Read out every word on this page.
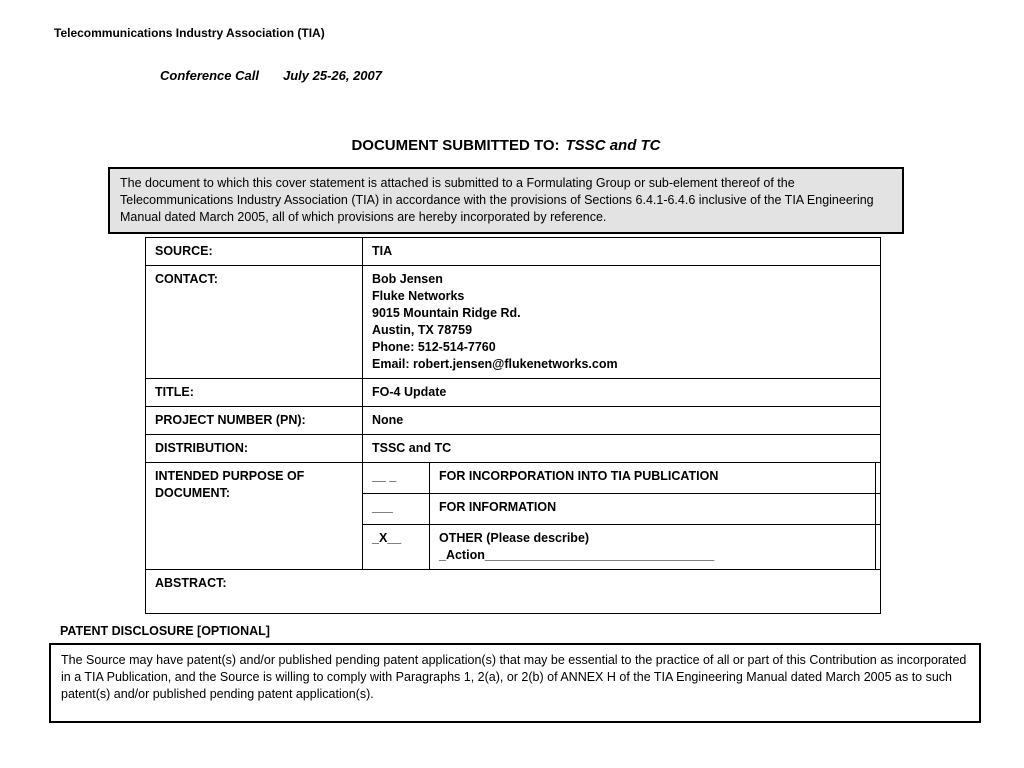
Telecommunications Industry Association (TIA)
Conference Call July 25-26, 2007
DOCUMENT SUBMITTED TO: TSSC and TC
The document to which this cover statement is attached is submitted to a Formulating Group or sub-element thereof of the Telecommunications Industry Association (TIA) in accordance with the provisions of Sections 6.4.1-6.4.6 inclusive of the TIA Engineering Manual dated March 2005, all of which provisions are hereby incorporated by reference.
SOURCE:	TIA
CONTACT:	Bob Jensen
Fluke Networks
9015 Mountain Ridge Rd.
Austin, TX 78759
Phone: 512-514-7760
Email: robert.jensen@flukenetworks.com

TITLE:	FO-4 Update
PROJECT NUMBER (PN):	None
DISTRIBUTION:	TSSC and TC
INTENDED PURPOSE OF DOCUMENT:	
__ _	FOR INCORPORATION INTO TIA PUBLICATION	
___	FOR INFORMATION	
_X__	OTHER (Please describe)
_Action_________________________________

ABSTRACT:
PATENT DISCLOSURE [OPTIONAL]
The Source may have patent(s) and/or published pending patent application(s) that may be essential to the practice of all or part of this Contribution as incorporated in a TIA Publication, and the Source is willing to comply with Paragraphs 1, 2(a), or 2(b) of ANNEX H of the TIA Engineering Manual dated March 2005 as to such patent(s) and/or published pending patent application(s).
